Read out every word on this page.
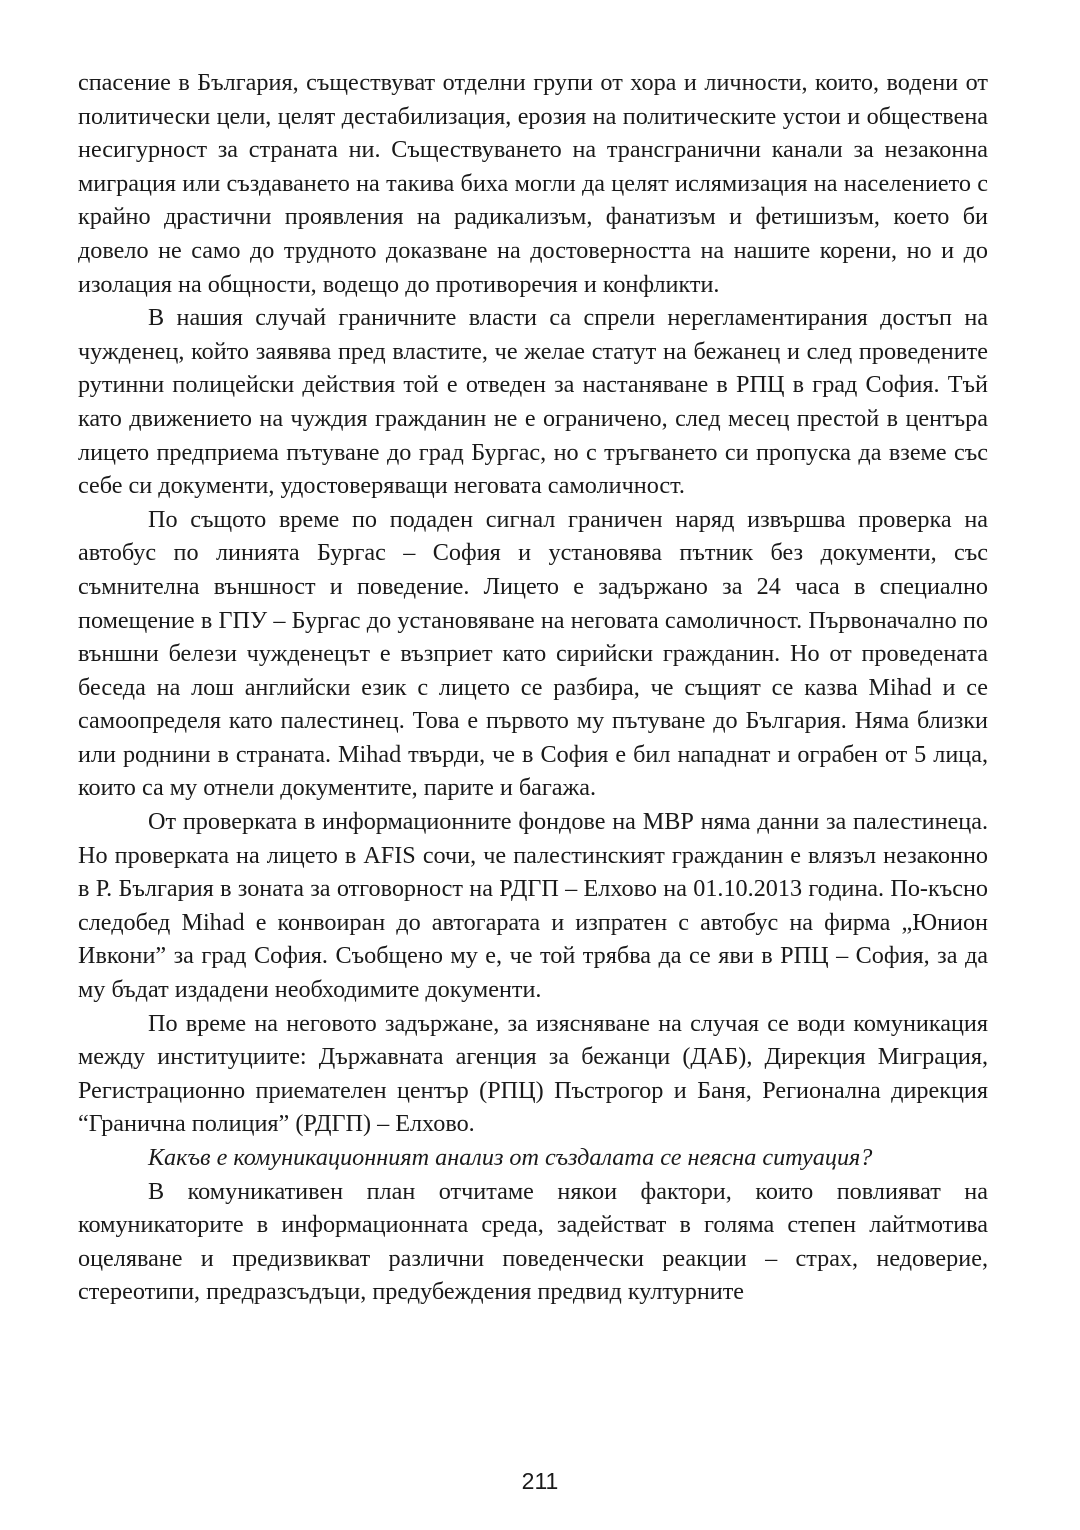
спасение в България, съществуват отделни групи от хора и личности, които, водени от политически цели, целят дестабилизация, ерозия на политическите устои и обществена несигурност за страната ни. Съществуването на трансгранични канали за незаконна миграция или създаването на такива биха могли да целят ислямизация на населението с крайно драстични проявления на радикализъм, фанатизъм и фетишизъм, което би довело не само до трудното доказване на достоверността на нашите корени, но и до изолация на общности, водещо до противоречия и конфликти.

В нашия случай граничните власти са спрели нерегламентирания достъп на чужденец, който заявява пред властите, че желае статут на бежанец и след проведените рутинни полицейски действия той е отведен за настаняване в РПЦ в град София. Тъй като движението на чуждия гражданин не е ограничено, след месец престой в центъра лицето предприема пътуване до град Бургас, но с тръгването си пропуска да вземе със себе си документи, удостоверяващи неговата самоличност.

По същото време по подаден сигнал граничен наряд извършва проверка на автобус по линията Бургас – София и установява пътник без документи, със съмнителна външност и поведение. Лицето е задържано за 24 часа в специално помещение в ГПУ – Бургас до установяване на неговата самоличност. Първоначално по външни белези чужденецът е възприет като сирийски гражданин. Но от проведената беседа на лош английски език с лицето се разбира, че същият се казва Mihad и се самоопределя като палестинец. Това е първото му пътуване до България. Няма близки или роднини в страната. Mihad твърди, че в София е бил нападнат и ограбен от 5 лица, които са му отнели документите, парите и багажа.

От проверката в информационните фондове на МВР няма данни за палестинеца. Но проверката на лицето в AFIS сочи, че палестинският гражданин е влязъл незаконно в Р. България в зоната за отговорност на РДГП – Елхово на 01.10.2013 година. По-късно следобед Mihad е конвоиран до автогарата и изпратен с автобус на фирма „Юнион Ивкони” за град София. Съобщено му е, че той трябва да се яви в РПЦ – София, за да му бъдат издадени необходимите документи.

По време на неговото задържане, за изясняване на случая се води комуникация между институциите: Държавната агенция за бежанци (ДАБ), Дирекция Миграция, Регистрационно приемателен център (РПЦ) Пъстрогор и Баня, Регионална дирекция “Гранична полиция” (РДГП) – Елхово.

Какъв е комуникационният анализ от създалата се неясна ситуация?

В комуникативен план отчитаме някои фактори, които повлияват на комуникаторите в информационната среда, задействат в голяма степен лайтмотива оцеляване и предизвикват различни поведенчески реакции – страх, недоверие, стереотипи, предразсъдъци, предубеждения предвид културните

211
